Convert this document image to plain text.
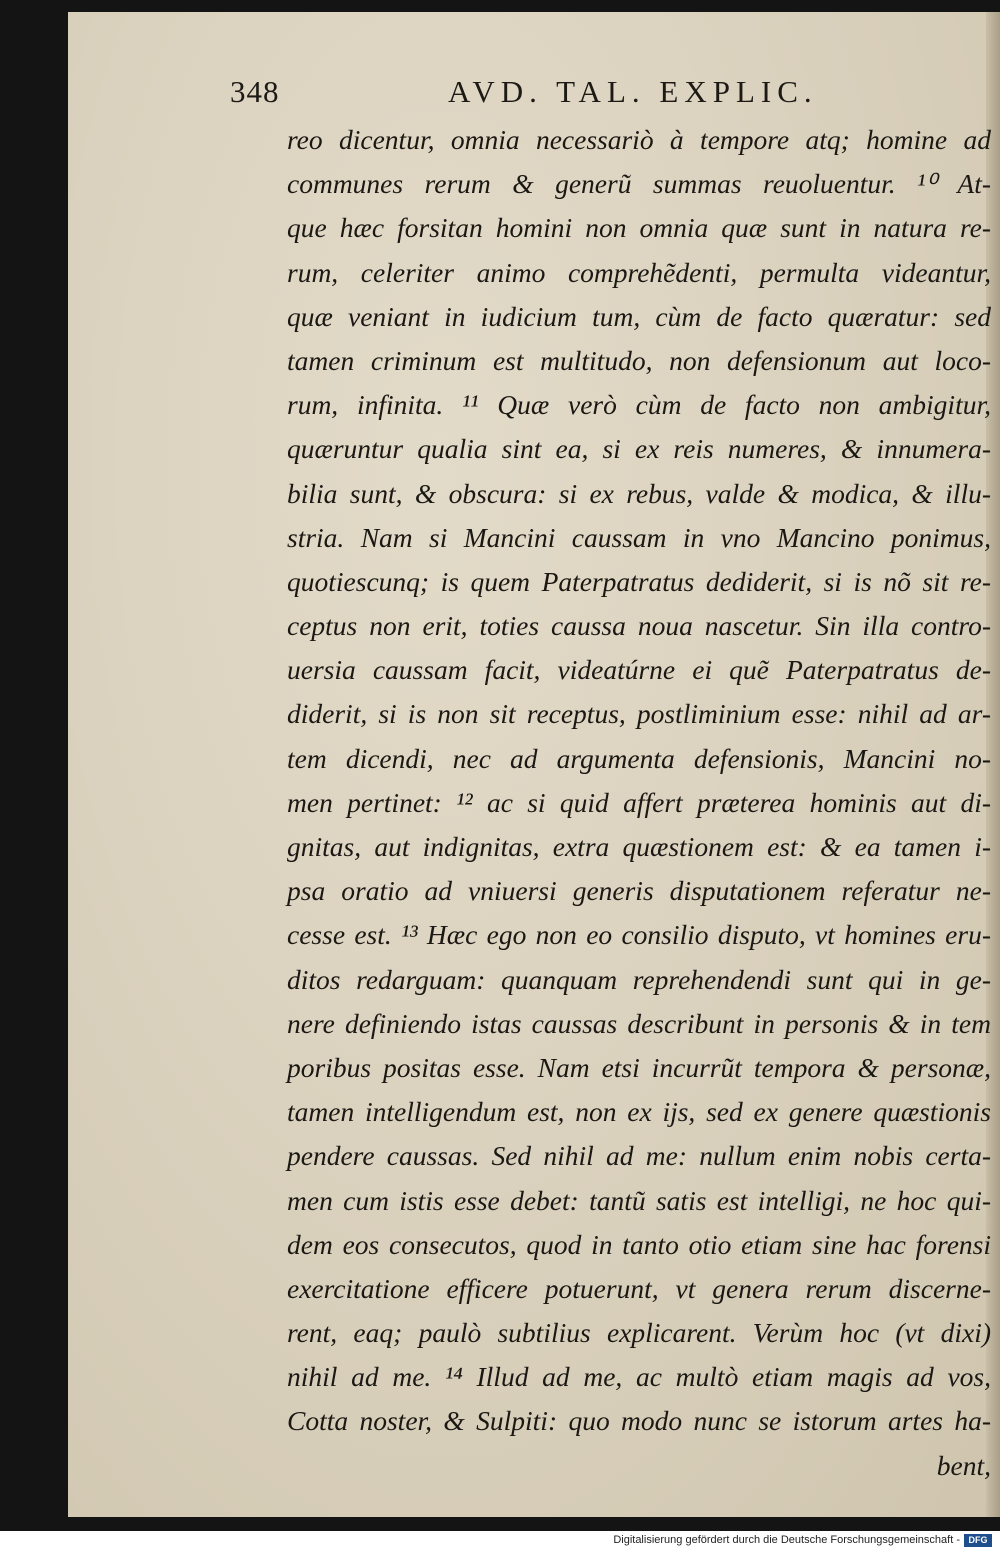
348	AVD. TAL. EXPLIC.
reo dicentur, omnia necessariò à tempore atq; homine ad
communes rerum & generũ summas reuoluentur. ¹⁰ At-
que hæc forsitan homini non omnia quæ sunt in natura re-
rum, celeriter animo comprehẽdenti, permulta videantur,
quæ veniant in iudicium tum, cùm de facto quæratur: sed
tamen criminum est multitudo, non defensionum aut loco-
rum, infinita. ¹¹ Quæ verò cùm de facto non ambigitur,
quæruntur qualia sint ea, si ex reis numeres, & innumera-
bilia sunt, & obscura: si ex rebus, valde & modica, & illu-
stria. Nam si Mancini caussam in vno Mancino ponimus,
quotiescunq; is quem Paterpatratus dediderit, si is nõ sit re-
ceptus non erit, toties caussa noua nascetur. Sin illa contro-
uersia caussam facit, videatúrne ei quẽ Paterpatratus de-
diderit, si is non sit receptus, postliminium esse: nihil ad ar-
tem dicendi, nec ad argumenta defensionis, Mancini no-
men pertinet: ¹² ac si quid affert præterea hominis aut di-
gnitas, aut indignitas, extra quæstionem est: & ea tamen i-
psa oratio ad vniuersi generis disputationem referatur ne-
cesse est. ¹³ Hæc ego non eo consilio disputo, vt homines eru-
ditos redarguam: quanquam reprehendendi sunt qui in ge-
nere definiendo istas caussas describunt in personis & in tem
poribus positas esse. Nam etsi incurrũt tempora & personæ,
tamen intelligendum est, non ex ijs, sed ex genere quæstionis
pendere caussas. Sed nihil ad me: nullum enim nobis certa-
men cum istis esse debet: tantũ satis est intelligi, ne hoc qui-
dem eos consecutos, quod in tanto otio etiam sine hac forensi
exercitatione efficere potuerunt, vt genera rerum discerne-
rent, eaq; paulò subtilius explicarent. Verùm hoc (vt dixi)
nihil ad me. ¹⁴ Illud ad me, ac multò etiam magis ad vos,
Cotta noster, & Sulpiti: quo modo nunc se istorum artes ha-
bent,
Digitalisierung gefördert durch die Deutsche Forschungsgemeinschaft - DFG
